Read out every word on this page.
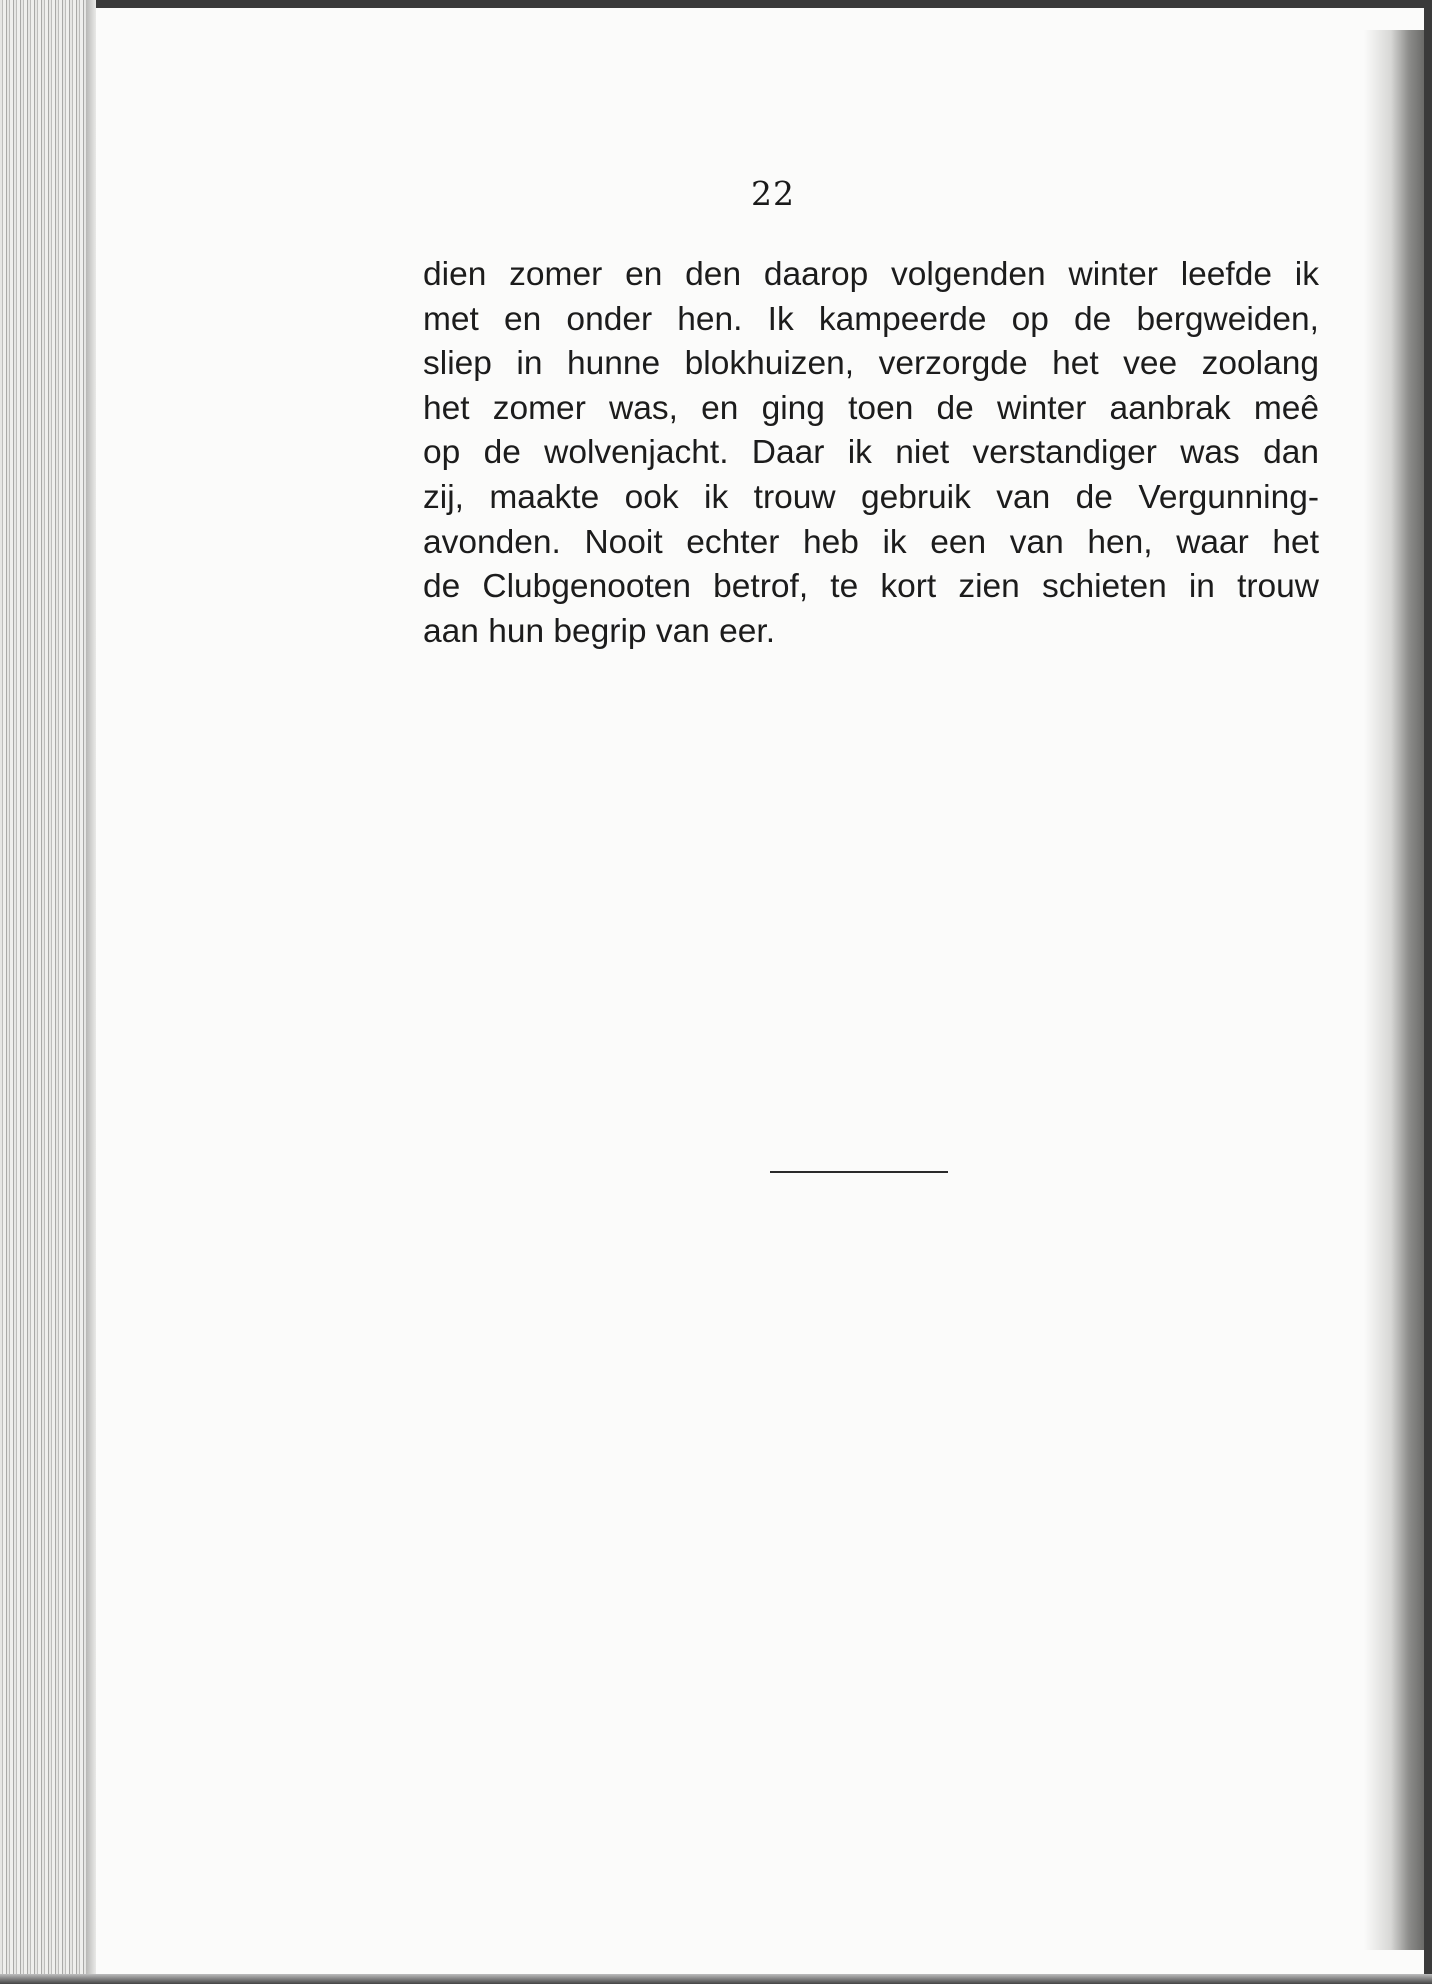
22
dien zomer en den daarop volgenden winter leefde ik
met en onder hen. Ik kampeerde op de bergweiden,
sliep in hunne blokhuizen, verzorgde het vee zoolang
het zomer was, en ging toen de winter aanbrak meê
op de wolvenjacht. Daar ik niet verstandiger was dan
zij, maakte ook ik trouw gebruik van de Vergunning-
avonden. Nooit echter heb ik een van hen, waar het
de Clubgenooten betrof, te kort zien schieten in trouw
aan hun begrip van eer.
